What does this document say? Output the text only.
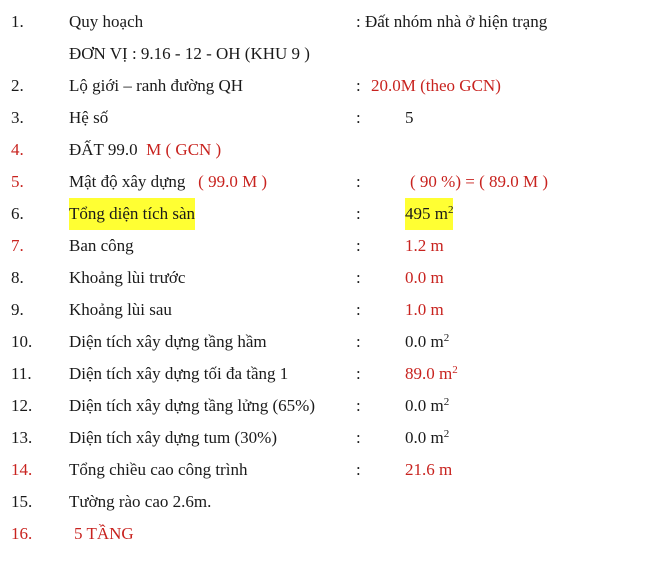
1.	Quy hoạch	: Đất nhóm nhà ở hiện trạng
ĐƠN VỊ : 9.16 - 12 - OH (KHU 9 )
2.	Lộ giới – ranh đường QH	: 20.0M (theo GCN)
3.	Hệ số	:	5
4.	ĐẤT 99.0 M ( GCN )
5.	Mật độ xây dựng ( 99.0 M )	:	( 90 %) = ( 89.0 M )
6.	Tổng diện tích sàn	:	495 $m^2$
7.	Ban công	:	1.2 m
8.	Khoảng lùi trước	:	0.0 m
9.	Khoảng lùi sau	:	1.0 m
10. Diện tích xây dựng tầng hầm	:	0.0 $m^2$
11. Diện tích xây dựng tối đa tầng 1	:	89.0 $m^2$
12. Diện tích xây dựng tầng lửng (65%) :	0.0 $m^2$
13. Diện tích xây dựng tum (30%)	:	0.0 $m^2$
14. Tổng chiều cao công trình	:	21.6 m
15. Tường rào cao 2.6m.
16. 5 TẦNG
